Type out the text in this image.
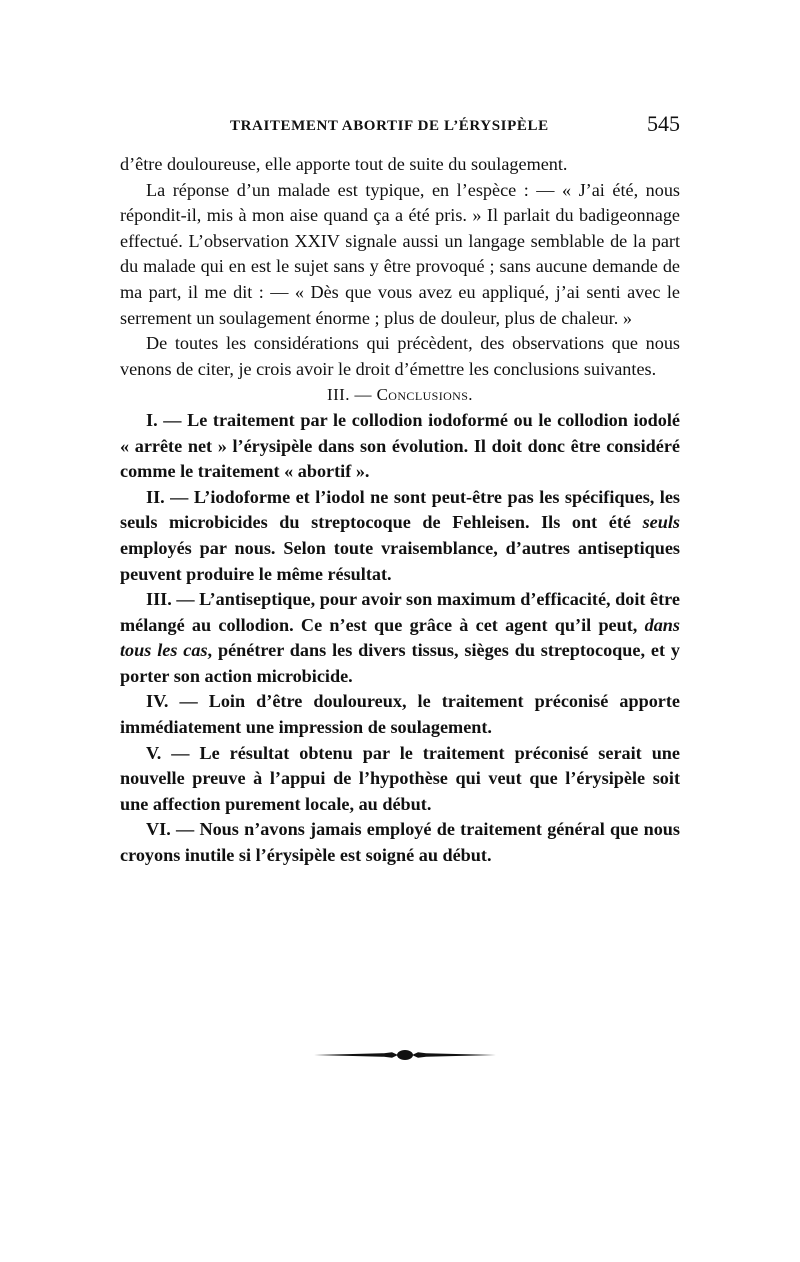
TRAITEMENT ABORTIF DE L’ÉRYSIPÈLE	545

d’être douloureuse, elle apporte tout de suite du soulagement.

La réponse d’un malade est typique, en l’espèce : — « J’ai été, nous répondit-il, mis à mon aise quand ça a été pris. » Il parlait du badigeonnage effectué. L’observation XXIV signale aussi un langage semblable de la part du malade qui en est le sujet sans y être provoqué ; sans aucune demande de ma part, il me dit : — « Dès que vous avez eu appliqué, j’ai senti avec le serrement un soulagement énorme ; plus de douleur, plus de chaleur. »

De toutes les considérations qui précèdent, des observations que nous venons de citer, je crois avoir le droit d’émettre les conclusions suivantes.

III. — Conclusions.

I. — Le traitement par le collodion iodoformé ou le collodion iodolé « arrête net » l’érysipèle dans son évolution. Il doit donc être considéré comme le traitement « abortif ».

II. — L’iodoforme et l’iodol ne sont peut-être pas les spécifiques, les seuls microbicides du streptocoque de Fehleisen. Ils ont été seuls employés par nous. Selon toute vraisemblance, d’autres antiseptiques peuvent produire le même résultat.

III. — L’antiseptique, pour avoir son maximum d’efficacité, doit être mélangé au collodion. Ce n’est que grâce à cet agent qu’il peut, dans tous les cas, pénétrer dans les divers tissus, sièges du streptocoque, et y porter son action microbicide.

IV. — Loin d’être douloureux, le traitement préconisé apporte immédiatement une impression de soulagement.

V. — Le résultat obtenu par le traitement préconisé serait une nouvelle preuve à l’appui de l’hypothèse qui veut que l’érysipèle soit une affection purement locale, au début.

VI. — Nous n’avons jamais employé de traitement général que nous croyons inutile si l’érysipèle est soigné au début.
